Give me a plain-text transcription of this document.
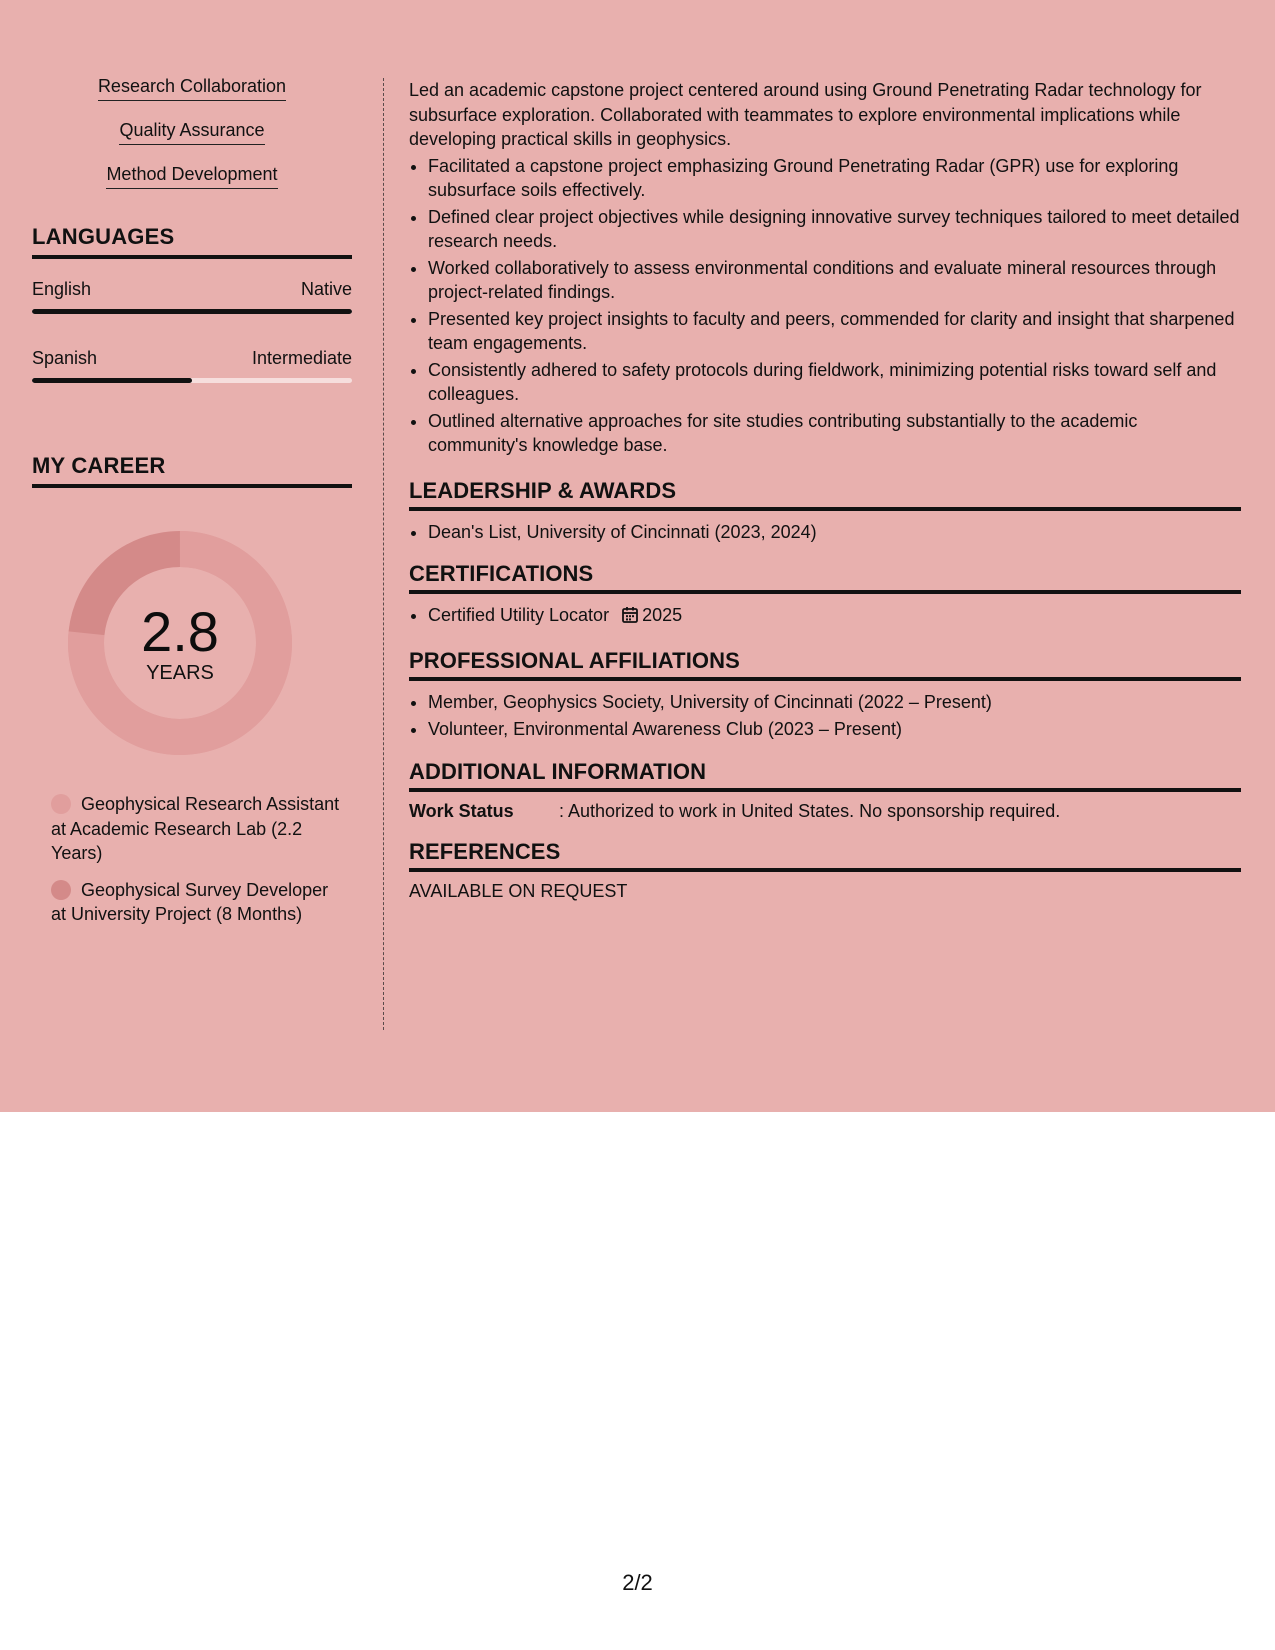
Research Collaboration
Quality Assurance
Method Development
LANGUAGES
English	Native
Spanish	Intermediate
MY CAREER
2.8
YEARS
Geophysical Research Assistant at Academic Research Lab (2.2 Years)
Geophysical Survey Developer at University Project (8 Months)

Led an academic capstone project centered around using Ground Penetrating Radar technology for subsurface exploration. Collaborated with teammates to explore environmental implications while developing practical skills in geophysics.

• Facilitated a capstone project emphasizing Ground Penetrating Radar (GPR) use for exploring subsurface soils effectively.
• Defined clear project objectives while designing innovative survey techniques tailored to meet detailed research needs.
• Worked collaboratively to assess environmental conditions and evaluate mineral resources through project-related findings.
• Presented key project insights to faculty and peers, commended for clarity and insight that sharpened team engagements.
• Consistently adhered to safety protocols during fieldwork, minimizing potential risks toward self and colleagues.
• Outlined alternative approaches for site studies contributing substantially to the academic community's knowledge base.
LEADERSHIP & AWARDS
• Dean's List, University of Cincinnati (2023, 2024)
CERTIFICATIONS
• Certified Utility Locator 2025
PROFESSIONAL AFFILIATIONS
• Member, Geophysics Society, University of Cincinnati (2022 – Present)
• Volunteer, Environmental Awareness Club (2023 – Present)
ADDITIONAL INFORMATION
Work Status	: Authorized to work in United States. No sponsorship required.
REFERENCES
AVAILABLE ON REQUEST
2/2
